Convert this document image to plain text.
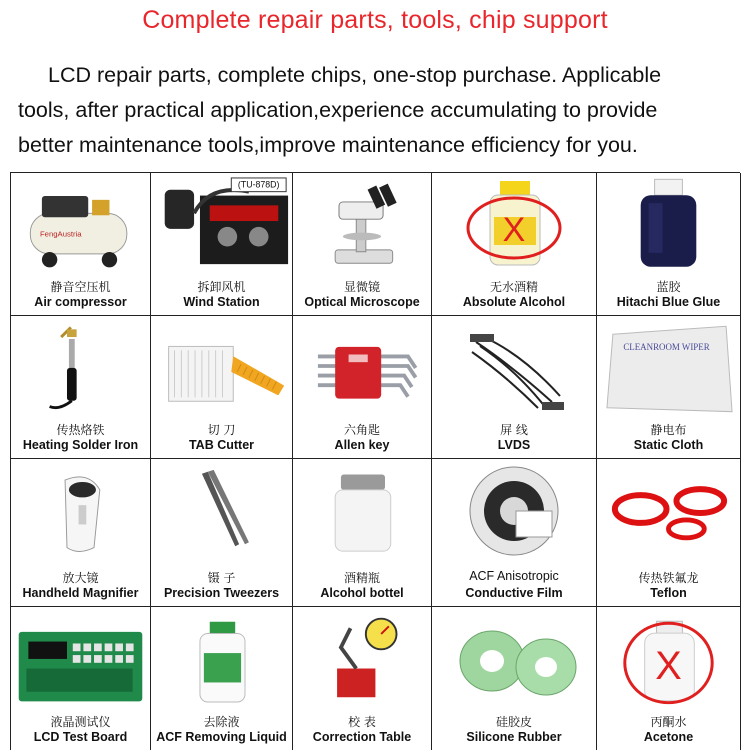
Complete repair parts, tools, chip support
LCD repair parts, complete chips, one-stop purchase. Applicable
tools, after practical application,experience accumulating to provide
better maintenance tools,improve maintenance efficiency for you.
FengAustria
静音空压机
Air compressor
(TU-878D)
拆卸风机
Wind Station
显微镜
Optical Microscope
X
无水酒精
Absolute Alcohol
蓝胶
Hitachi Blue Glue
传热烙铁
Heating Solder Iron
切 刀
TAB Cutter
六角匙
Allen key
屏 线
LVDS
CLEANROOM WIPER
静电布
Static Cloth
放大镜
Handheld Magnifier
镊 子
Precision Tweezers
酒精瓶
Alcohol bottel
ACF Anisotropic
Conductive Film
传热铁氟龙
Teflon
液晶测试仪
LCD Test Board
去除液
ACF Removing Liquid
校 表
Correction Table
硅胶皮
Silicone Rubber
X
丙酮水
Acetone
